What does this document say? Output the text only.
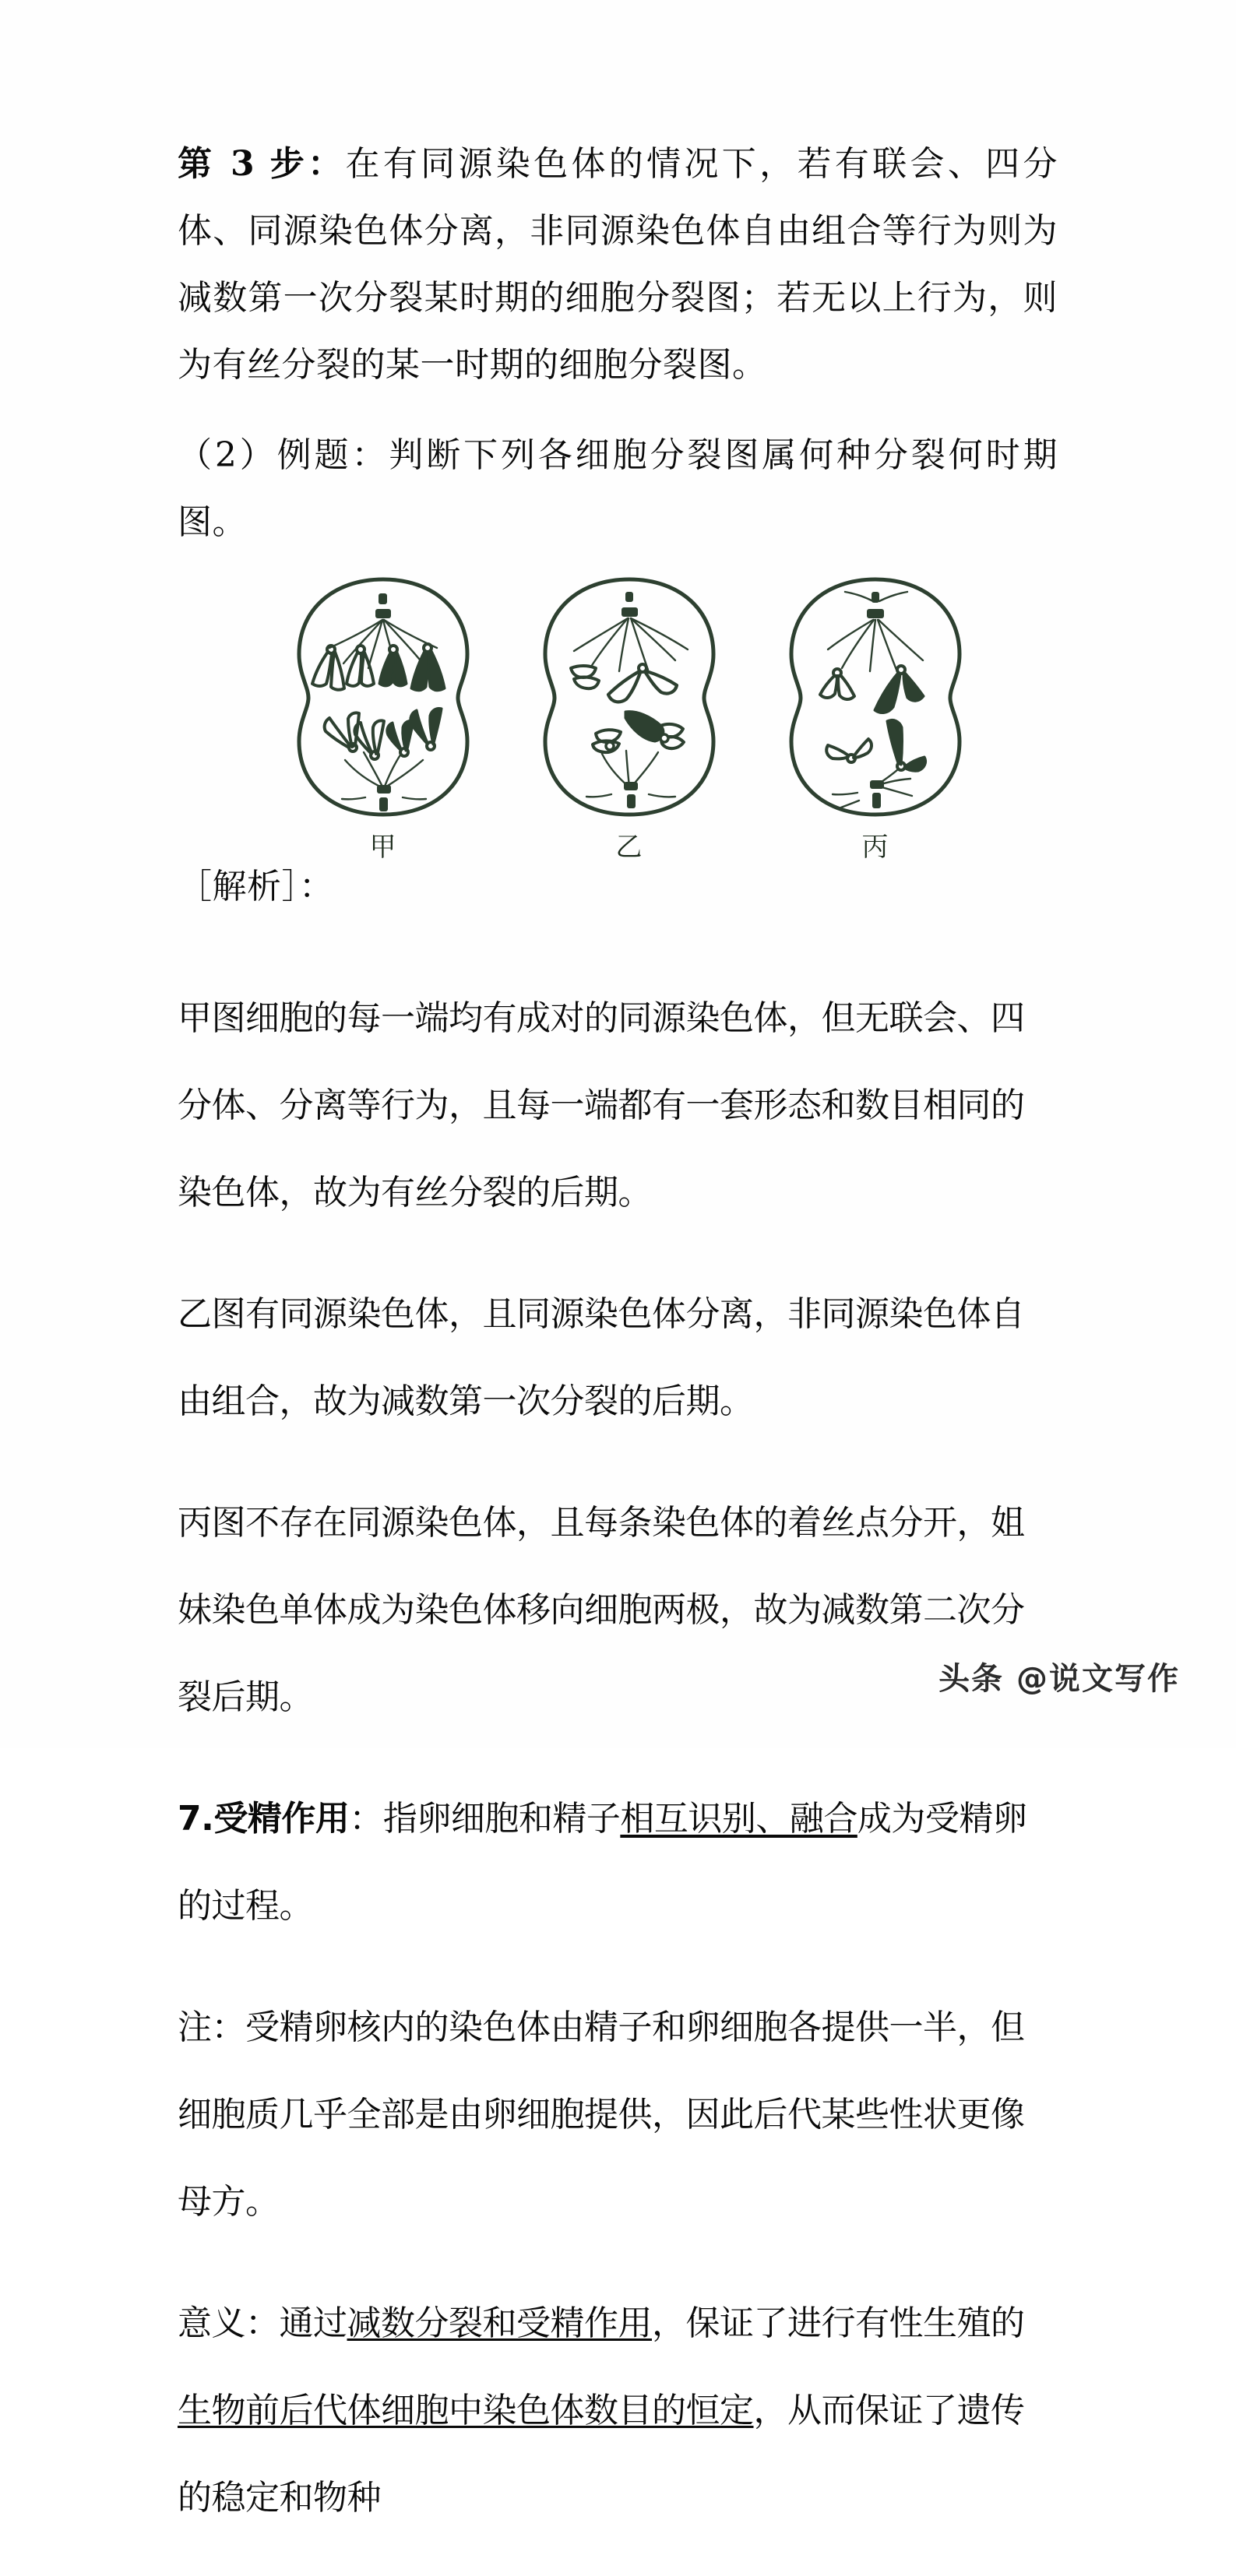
第 3 步：在有同源染色体的情况下，若有联会、四分体、同源染色体分离，非同源染色体自由组合等行为则为减数第一次分裂某时期的细胞分裂图；若无以上行为，则为有丝分裂的某一时期的细胞分裂图。

（2）例题：判断下列各细胞分裂图属何种分裂何时期图。

甲	乙	丙

［解析］：

甲图细胞的每一端均有成对的同源染色体，但无联会、四分体、分离等行为，且每一端都有一套形态和数目相同的染色体，故为有丝分裂的后期。

乙图有同源染色体，且同源染色体分离，非同源染色体自由组合，故为减数第一次分裂的后期。

丙图不存在同源染色体，且每条染色体的着丝点分开，姐妹染色单体成为染色体移向细胞两极，故为减数第二次分裂后期。

7.受精作用：指卵细胞和精子相互识别、融合成为受精卵的过程。

注：受精卵核内的染色体由精子和卵细胞各提供一半，但细胞质几乎全部是由卵细胞提供，因此后代某些性状更像母方。

意义：通过减数分裂和受精作用，保证了进行有性生殖的生物前后代体细胞中染色体数目的恒定，从而保证了遗传的稳定和物种

头条 @说文写作
